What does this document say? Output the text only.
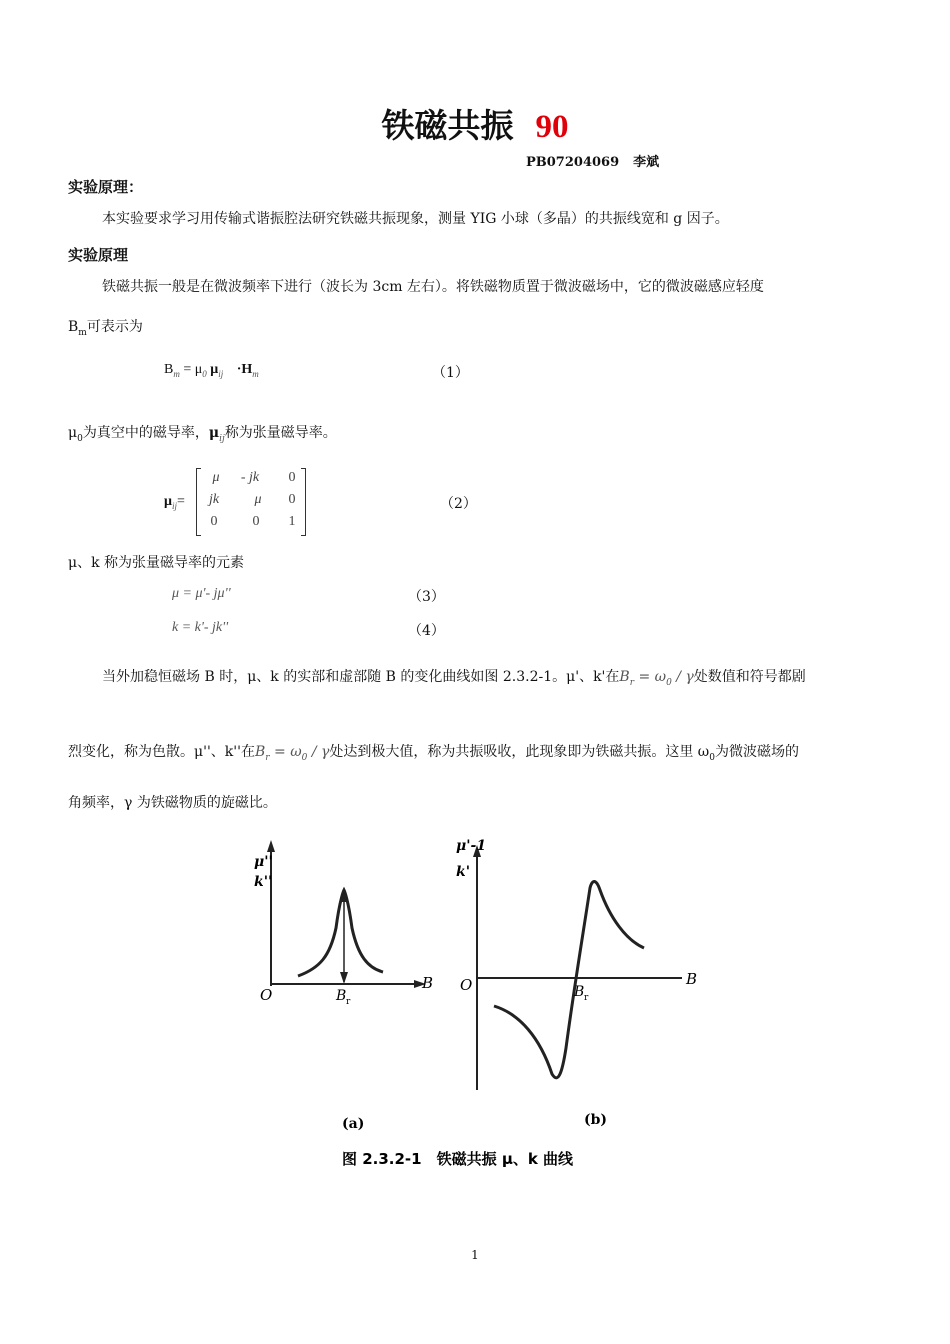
铁磁共振 90
PB07204069 李斌
实验原理：
本实验要求学习用传输式谐振腔法研究铁磁共振现象，测量 YIG 小球（多晶）的共振线宽和 g 因子。
实验原理
铁磁共振一般是在微波频率下进行（波长为 3cm 左右）。将铁磁物质置于微波磁场中，它的微波磁感应轻度
$B_m$可表示为
$B_m = \mu_0$ $\mu_{ij} \cdot H_m$	（1）
$\mu_0$为真空中的磁导率，$\mu_{ij}$称为张量磁导率。
$\mu_{ij}=$
μ	- jk	0
jk	μ	0
0	0	1
（2）
μ、k 称为张量磁导率的元素
μ = μ'- jμ''	（3）
k = k'- jk''	（4）
当外加稳恒磁场 B 时，μ、k 的实部和虚部随 B 的变化曲线如图 2.3.2-1。μ'、k'在$B_r = \omega_0 / \gamma$处数值和符号都剧
烈变化，称为色散。μ''、k''在$B_r = \omega_0 / \gamma$处达到极大值，称为共振吸收，此现象即为铁磁共振。这里 $\omega_0$为微波磁场的
角频率，γ 为铁磁物质的旋磁比。
μ''
k''
O
B
B r
μ'-1
k'
O	B
B r
(a)	(b)
图 2.3.2-1　铁磁共振 μ、k 曲线
1
